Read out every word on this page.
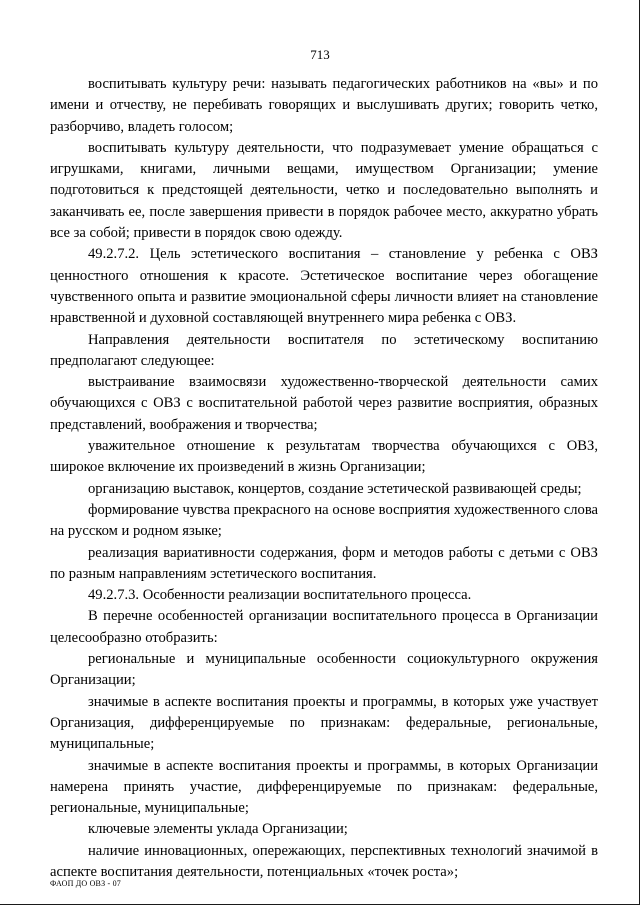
713

воспитывать культуру речи: называть педагогических работников на «вы» и по имени и отчеству, не перебивать говорящих и выслушивать других; говорить четко, разборчиво, владеть голосом;

воспитывать культуру деятельности, что подразумевает умение обращаться с игрушками, книгами, личными вещами, имуществом Организации; умение подготовиться к предстоящей деятельности, четко и последовательно выполнять и заканчивать ее, после завершения привести в порядок рабочее место, аккуратно убрать все за собой; привести в порядок свою одежду.

49.2.7.2. Цель эстетического воспитания – становление у ребенка с ОВЗ ценностного отношения к красоте. Эстетическое воспитание через обогащение чувственного опыта и развитие эмоциональной сферы личности влияет на становление нравственной и духовной составляющей внутреннего мира ребенка с ОВЗ.

Направления деятельности воспитателя по эстетическому воспитанию предполагают следующее:

выстраивание взаимосвязи художественно-творческой деятельности самих обучающихся с ОВЗ с воспитательной работой через развитие восприятия, образных представлений, воображения и творчества;

уважительное отношение к результатам творчества обучающихся с ОВЗ, широкое включение их произведений в жизнь Организации;

организацию выставок, концертов, создание эстетической развивающей среды;

формирование чувства прекрасного на основе восприятия художественного слова на русском и родном языке;

реализация вариативности содержания, форм и методов работы с детьми с ОВЗ по разным направлениям эстетического воспитания.

49.2.7.3. Особенности реализации воспитательного процесса.

В перечне особенностей организации воспитательного процесса в Организации целесообразно отобразить:

региональные и муниципальные особенности социокультурного окружения Организации;

значимые в аспекте воспитания проекты и программы, в которых уже участвует Организация, дифференцируемые по признакам: федеральные, региональные, муниципальные;

значимые в аспекте воспитания проекты и программы, в которых Организации намерена принять участие, дифференцируемые по признакам: федеральные, региональные, муниципальные;

ключевые элементы уклада Организации;

наличие инновационных, опережающих, перспективных технологий значимой в аспекте воспитания деятельности, потенциальных «точек роста»;

ФАОП ДО ОВЗ - 07
